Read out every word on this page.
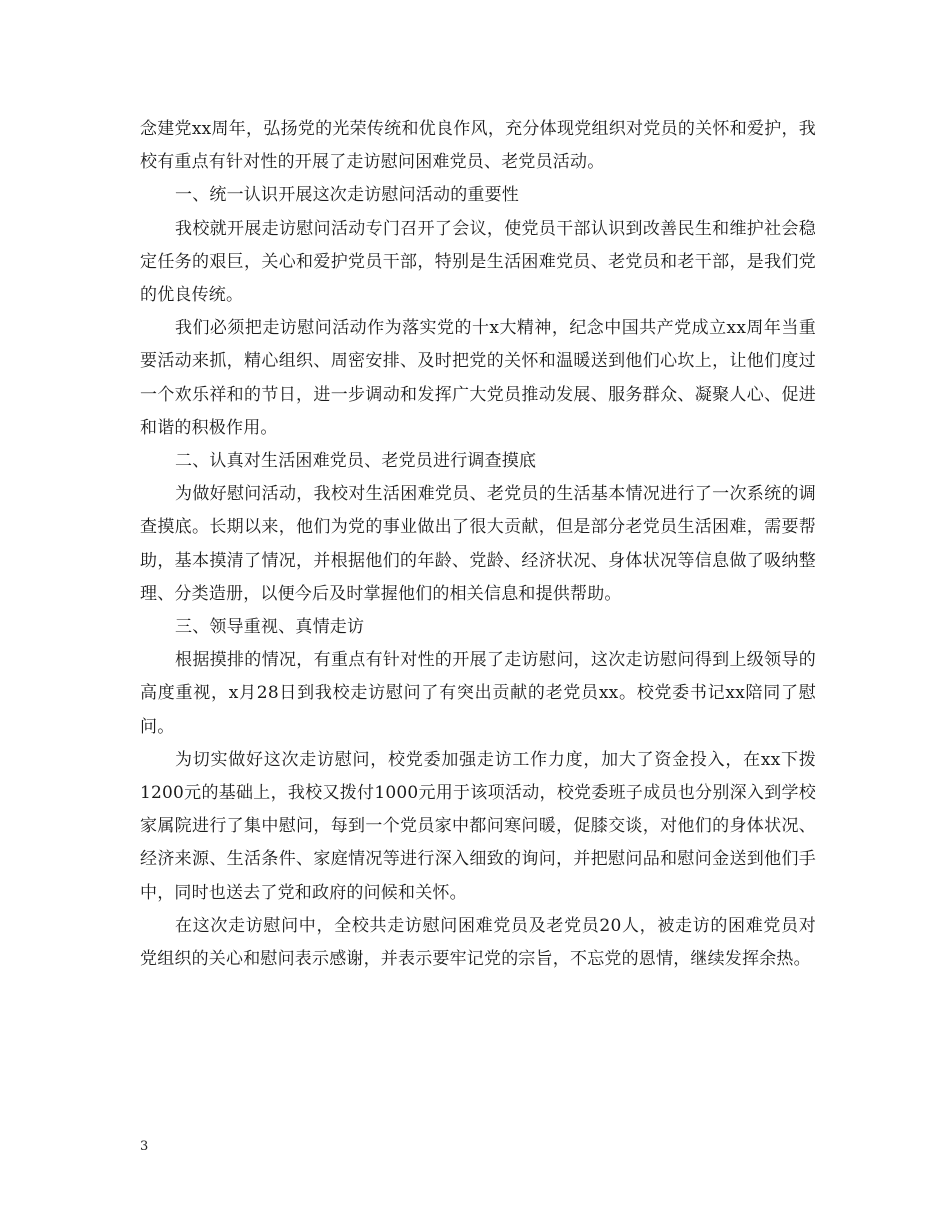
念建党xx周年，弘扬党的光荣传统和优良作风，充分体现党组织对党员的关怀和爱护，我校有重点有针对性的开展了走访慰问困难党员、老党员活动。

一、统一认识开展这次走访慰问活动的重要性

我校就开展走访慰问活动专门召开了会议，使党员干部认识到改善民生和维护社会稳定任务的艰巨，关心和爱护党员干部，特别是生活困难党员、老党员和老干部，是我们党的优良传统。

我们必须把走访慰问活动作为落实党的十x大精神，纪念中国共产党成立xx周年当重要活动来抓，精心组织、周密安排、及时把党的关怀和温暖送到他们心坎上，让他们度过一个欢乐祥和的节日，进一步调动和发挥广大党员推动发展、服务群众、凝聚人心、促进和谐的积极作用。

二、认真对生活困难党员、老党员进行调查摸底

为做好慰问活动，我校对生活困难党员、老党员的生活基本情况进行了一次系统的调查摸底。长期以来，他们为党的事业做出了很大贡献，但是部分老党员生活困难，需要帮助，基本摸清了情况，并根据他们的年龄、党龄、经济状况、身体状况等信息做了吸纳整理、分类造册，以便今后及时掌握他们的相关信息和提供帮助。

三、领导重视、真情走访

根据摸排的情况，有重点有针对性的开展了走访慰问，这次走访慰问得到上级领导的高度重视，x月28日到我校走访慰问了有突出贡献的老党员xx。校党委书记xx陪同了慰问。

为切实做好这次走访慰问，校党委加强走访工作力度，加大了资金投入，在xx下拨1200元的基础上，我校又拨付1000元用于该项活动，校党委班子成员也分别深入到学校家属院进行了集中慰问，每到一个党员家中都问寒问暖，促膝交谈，对他们的身体状况、经济来源、生活条件、家庭情况等进行深入细致的询问，并把慰问品和慰问金送到他们手中，同时也送去了党和政府的问候和关怀。

在这次走访慰问中，全校共走访慰问困难党员及老党员20人，被走访的困难党员对党组织的关心和慰问表示感谢，并表示要牢记党的宗旨，不忘党的恩情，继续发挥余热。

3
